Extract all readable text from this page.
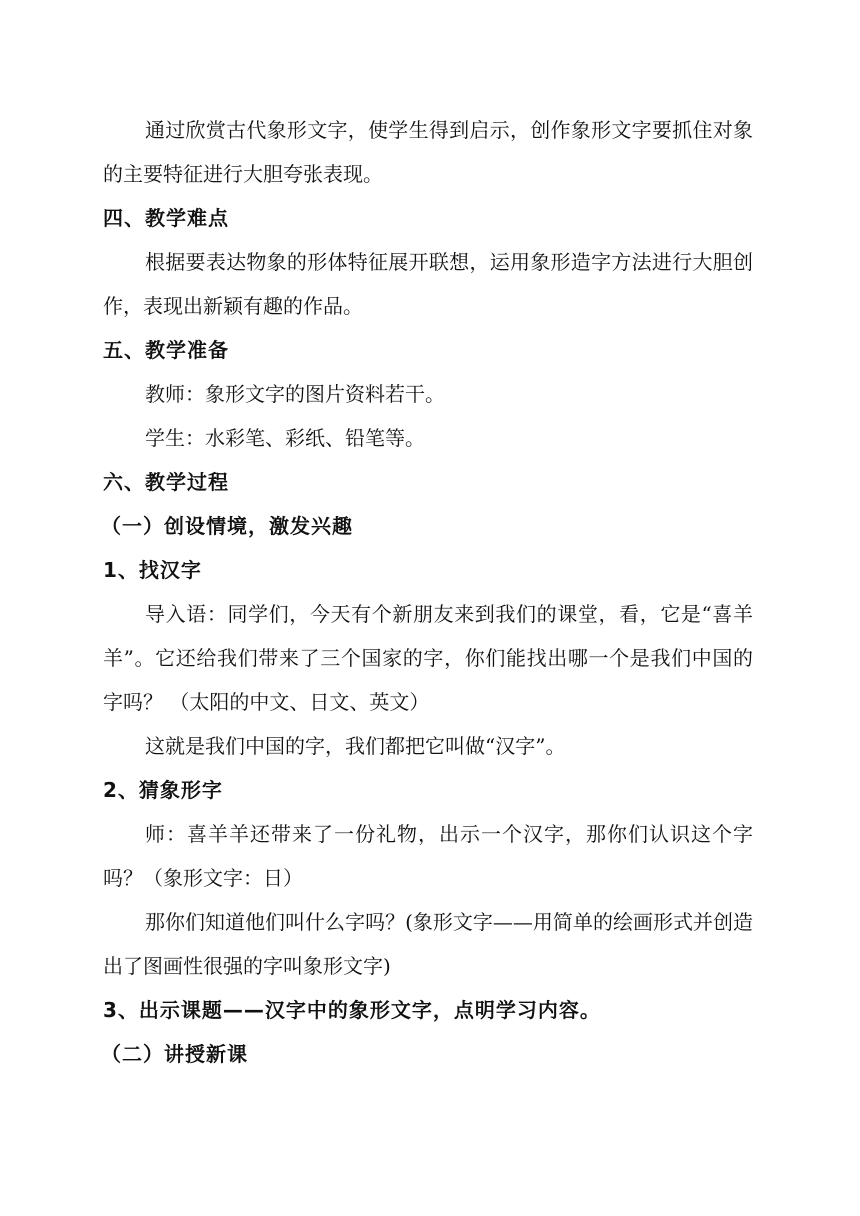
通过欣赏古代象形文字，使学生得到启示，创作象形文字要抓住对象的主要特征进行大胆夸张表现。

四、教学难点

根据要表达物象的形体特征展开联想，运用象形造字方法进行大胆创作，表现出新颖有趣的作品。

五、教学准备

教师：象形文字的图片资料若干。

学生：水彩笔、彩纸、铅笔等。

六、教学过程
（一）创设情境，激发兴趣
1、找汉字

导入语：同学们，今天有个新朋友来到我们的课堂，看，它是“喜羊羊”。它还给我们带来了三个国家的字，你们能找出哪一个是我们中国的字吗？ （太阳的中文、日文、英文）

这就是我们中国的字，我们都把它叫做“汉字”。

2、猜象形字

师：喜羊羊还带来了一份礼物，出示一个汉字，那你们认识这个字吗？（象形文字：日）

那你们知道他们叫什么字吗？(象形文字——用简单的绘画形式并创造出了图画性很强的字叫象形文字)

3、出示课题——汉字中的象形文字，点明学习内容。
（二）讲授新课
